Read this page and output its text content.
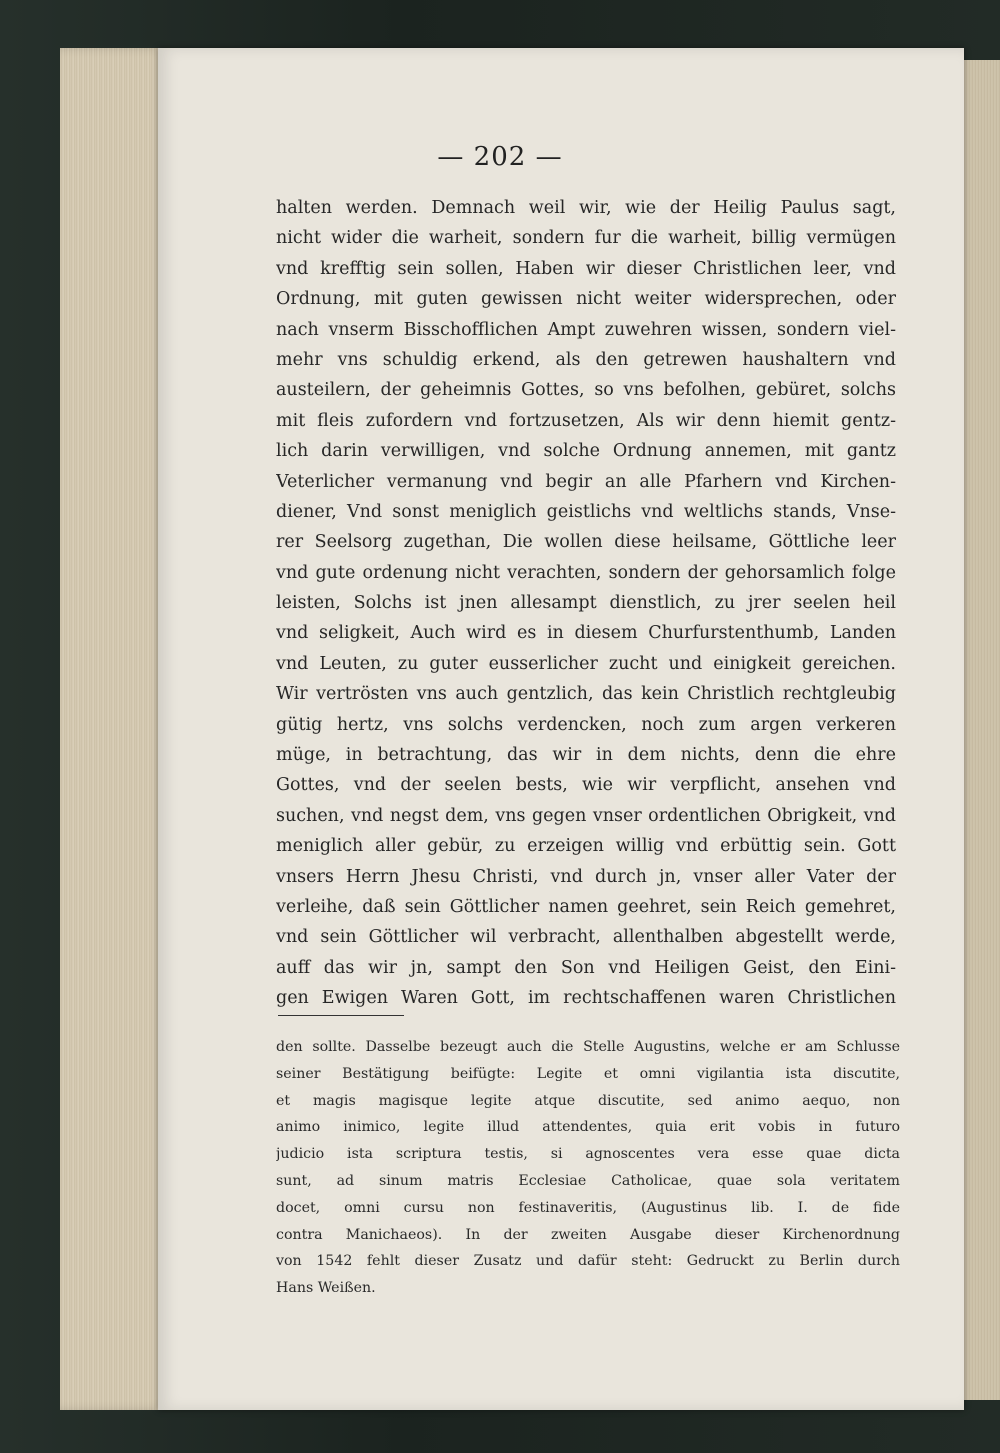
— 202 —
halten werden. Demnach weil wir, wie der Heilig Paulus sagt,
nicht wider die warheit, sondern fur die warheit, billig vermügen
vnd krefftig sein sollen, Haben wir dieser Christlichen leer, vnd
Ordnung, mit guten gewissen nicht weiter widersprechen, oder
nach vnserm Bisschofflichen Ampt zuwehren wissen, sondern viel-
mehr vns schuldig erkend, als den getrewen haushaltern vnd
austeilern, der geheimnis Gottes, so vns befolhen, gebüret, solchs
mit fleis zufordern vnd fortzusetzen, Als wir denn hiemit gentz-
lich darin verwilligen, vnd solche Ordnung annemen, mit gantz
Veterlicher vermanung vnd begir an alle Pfarhern vnd Kirchen-
diener, Vnd sonst meniglich geistlichs vnd weltlichs stands, Vnse-
rer Seelsorg zugethan, Die wollen diese heilsame, Göttliche leer
vnd gute ordenung nicht verachten, sondern der gehorsamlich folge
leisten, Solchs ist jnen allesampt dienstlich, zu jrer seelen heil
vnd seligkeit, Auch wird es in diesem Churfurstenthumb, Landen
vnd Leuten, zu guter eusserlicher zucht und einigkeit gereichen.
Wir vertrösten vns auch gentzlich, das kein Christlich rechtgleubig
gütig hertz, vns solchs verdencken, noch zum argen verkeren
müge, in betrachtung, das wir in dem nichts, denn die ehre
Gottes, vnd der seelen bests, wie wir verpflicht, ansehen vnd
suchen, vnd negst dem, vns gegen vnser ordentlichen Obrigkeit, vnd
meniglich aller gebür, zu erzeigen willig vnd erbüttig sein. Gott
vnsers Herrn Jhesu Christi, vnd durch jn, vnser aller Vater der
verleihe, daß sein Göttlicher namen geehret, sein Reich gemehret,
vnd sein Göttlicher wil verbracht, allenthalben abgestellt werde,
auff das wir jn, sampt den Son vnd Heiligen Geist, den Eini-
gen Ewigen Waren Gott, im rechtschaffenen waren Christlichen
den sollte. Dasselbe bezeugt auch die Stelle Augustins, welche er am Schlusse
seiner Bestätigung beifügte: Legite et omni vigilantia ista discutite,
et magis magisque legite atque discutite, sed animo aequo, non
animo inimico, legite illud attendentes, quia erit vobis in futuro
judicio ista scriptura testis, si agnoscentes vera esse quae dicta
sunt, ad sinum matris Ecclesiae Catholicae, quae sola veritatem
docet, omni cursu non festinaveritis, (Augustinus lib. I. de fide
contra Manichaeos). In der zweiten Ausgabe dieser Kirchenordnung
von 1542 fehlt dieser Zusatz und dafür steht: Gedruckt zu Berlin durch
Hans Weißen.
